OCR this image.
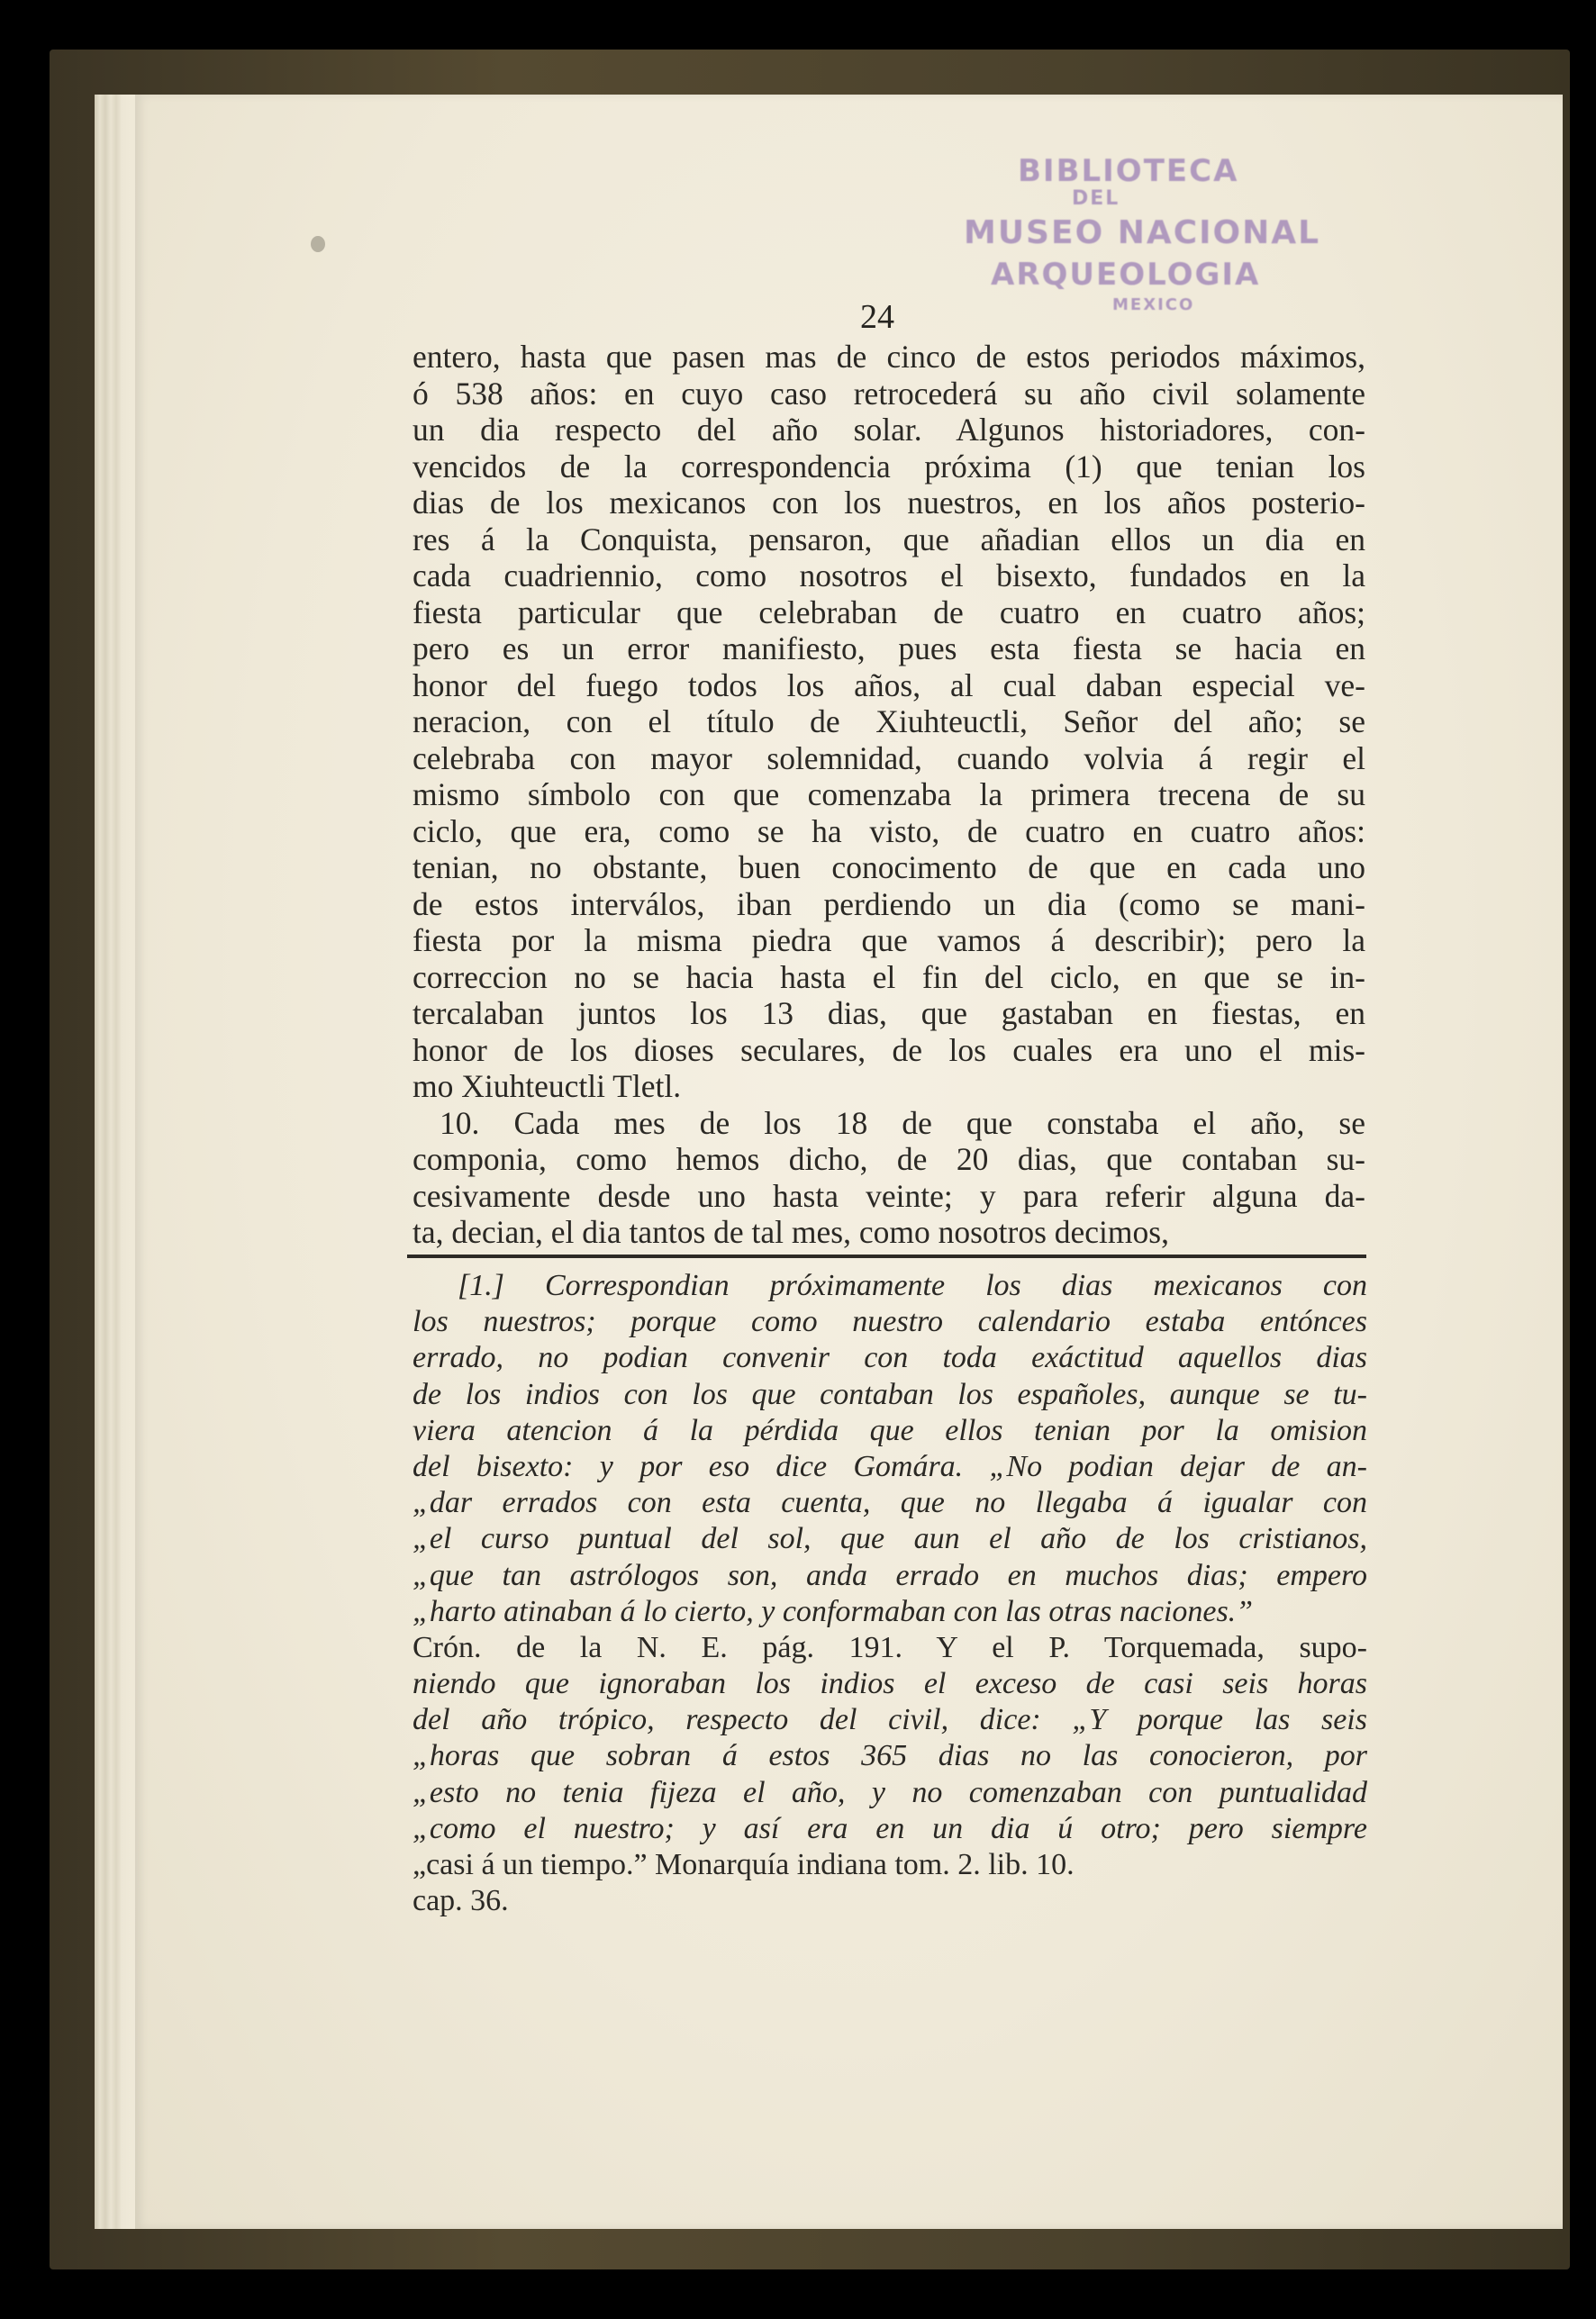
BIBLIOTECA
DEL
MUSEO NACIONAL
ARQUEOLOGIA
MEXICO
24
entero, hasta que pasen mas de cinco de estos periodos máximos,
ó 538 años: en cuyo caso retrocederá su año civil solamente
un dia respecto del año solar. Algunos historiadores, con-
vencidos de la correspondencia próxima (1) que tenian los
dias de los mexicanos con los nuestros, en los años posterio-
res á la Conquista, pensaron, que añadian ellos un dia en
cada cuadriennio, como nosotros el bisexto, fundados en la
fiesta particular que celebraban de cuatro en cuatro años;
pero es un error manifiesto, pues esta fiesta se hacia en
honor del fuego todos los años, al cual daban especial ve-
neracion, con el título de Xiuhteuctli, Señor del año; se
celebraba con mayor solemnidad, cuando volvia á regir el
mismo símbolo con que comenzaba la primera trecena de su
ciclo, que era, como se ha visto, de cuatro en cuatro años:
tenian, no obstante, buen conocimento de que en cada uno
de estos interválos, iban perdiendo un dia (como se mani-
fiesta por la misma piedra que vamos á describir); pero la
correccion no se hacia hasta el fin del ciclo, en que se in-
tercalaban juntos los 13 dias, que gastaban en fiestas, en
honor de los dioses seculares, de los cuales era uno el mis-
mo Xiuhteuctli Tletl.
10. Cada mes de los 18 de que constaba el año, se
componia, como hemos dicho, de 20 dias, que contaban su-
cesivamente desde uno hasta veinte; y para referir alguna da-
ta, decian, el dia tantos de tal mes, como nosotros decimos,
[1.] Correspondian próximamente los dias mexicanos con
los nuestros; porque como nuestro calendario estaba entónces
errado, no podian convenir con toda exáctitud aquellos dias
de los indios con los que contaban los españoles, aunque se tu-
viera atencion á la pérdida que ellos tenian por la omision
del bisexto: y por eso dice Gomára. „No podian dejar de an-
„dar errados con esta cuenta, que no llegaba á igualar con
„el curso puntual del sol, que aun el año de los cristianos,
„que tan astrólogos son, anda errado en muchos dias; empero
„harto atinaban á lo cierto, y conformaban con las otras naciones.”
Crón. de la N. E. pág. 191. Y el P. Torquemada, supo-
niendo que ignoraban los indios el exceso de casi seis horas
del año trópico, respecto del civil, dice: „Y porque las seis
„horas que sobran á estos 365 dias no las conocieron, por
„esto no tenia fijeza el año, y no comenzaban con puntualidad
„como el nuestro; y así era en un dia ú otro; pero siempre
„casi á un tiempo.” Monarquía indiana tom. 2. lib. 10.
cap. 36.
